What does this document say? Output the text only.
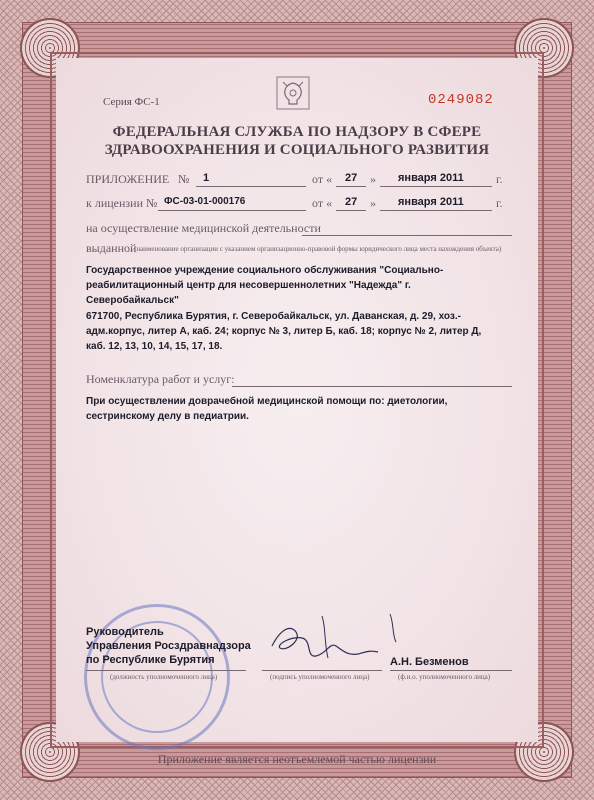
Серия ФС-1	0249082
ФЕДЕРАЛЬНАЯ СЛУЖБА ПО НАДЗОРУ В СФЕРЕ
ЗДРАВООХРАНЕНИЯ И СОЦИАЛЬНОГО РАЗВИТИЯ
ПРИЛОЖЕНИЕ № 1	от « 27 » января 2011	г.
к лицензии № ФС-03-01-000176	от « 27 » января 2011	г.
на осуществление медицинской деятельности
выданной
(наименование организации с указанием организационно-правовой формы юридического лица места нахождения объекта)
Государственное учреждение социального обслуживания "Социально-
реабилитационный центр для несовершеннолетних "Надежда" г.
Северобайкальск"
671700, Республика Бурятия, г. Северобайкальск, ул. Даванская, д. 29, хоз.-
адм.корпус, литер А, каб. 24; корпус № 3, литер Б, каб. 18; корпус № 2, литер Д,
каб. 12, 13, 10, 14, 15, 17, 18.
Номенклатура работ и услуг:
При осуществлении доврачебной медицинской помощи по: диетологии,
сестринскому делу в педиатрии.
Руководитель
Управления Росздравнадзора
по Республике Бурятия
(должность уполномоченного лица)	(подпись уполномоченного лица)
А.Н. Безменов
(ф.и.о. уполномоченного лица)
Приложение является неотъемлемой частью лицензии
